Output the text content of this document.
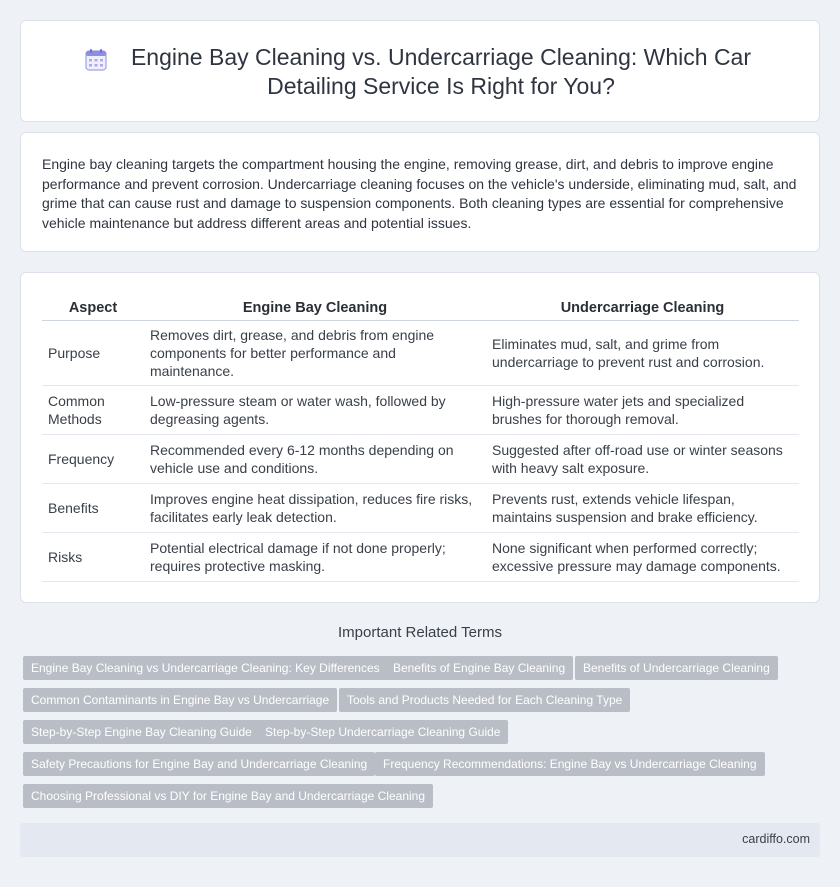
Engine Bay Cleaning vs. Undercarriage Cleaning: Which Car Detailing Service Is Right for You?

Engine bay cleaning targets the compartment housing the engine, removing grease, dirt, and debris to improve engine performance and prevent corrosion. Undercarriage cleaning focuses on the vehicle's underside, eliminating mud, salt, and grime that can cause rust and damage to suspension components. Both cleaning types are essential for comprehensive vehicle maintenance but address different areas and potential issues.

Aspect	Engine Bay Cleaning	Undercarriage Cleaning
Purpose	Removes dirt, grease, and debris from engine components for better performance and maintenance.	Eliminates mud, salt, and grime from undercarriage to prevent rust and corrosion.
Common Methods	Low-pressure steam or water wash, followed by degreasing agents.	High-pressure water jets and specialized brushes for thorough removal.
Frequency	Recommended every 6-12 months depending on vehicle use and conditions.	Suggested after off-road use or winter seasons with heavy salt exposure.
Benefits	Improves engine heat dissipation, reduces fire risks, facilitates early leak detection.	Prevents rust, extends vehicle lifespan, maintains suspension and brake efficiency.
Risks	Potential electrical damage if not done properly; requires protective masking.	None significant when performed correctly; excessive pressure may damage components.
Important Related Terms
Engine Bay Cleaning vs Undercarriage Cleaning: Key Differences	Benefits of Engine Bay Cleaning	Benefits of Undercarriage Cleaning
Common Contaminants in Engine Bay vs Undercarriage	Tools and Products Needed for Each Cleaning Type
Step-by-Step Engine Bay Cleaning Guide	Step-by-Step Undercarriage Cleaning Guide
Safety Precautions for Engine Bay and Undercarriage Cleaning	Frequency Recommendations: Engine Bay vs Undercarriage Cleaning
Choosing Professional vs DIY for Engine Bay and Undercarriage Cleaning
cardiffo.com
